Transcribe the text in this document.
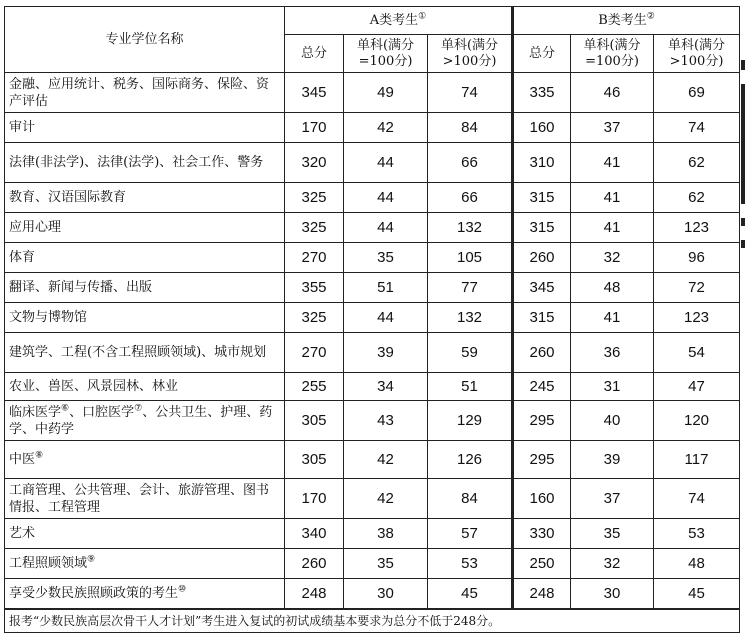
专业学位名称	A类考生①			B类考生②
	总分	单科(满分=100分)	单科(满分>100分)	总分	单科(满分=100分)	单科(满分>100分)
金融、应用统计、税务、国际商务、保险、资产评估	345	49	74	335	46	69
审计	170	42	84	160	37	74
法律(非法学)、法律(法学)、社会工作、警务	320	44	66	310	41	62
教育、汉语国际教育	325	44	66	315	41	62
应用心理	325	44	132	315	41	123
体育	270	35	105	260	32	96
翻译、新闻与传播、出版	355	51	77	345	48	72
文物与博物馆	325	44	132	315	41	123
建筑学、工程(不含工程照顾领域)、城市规划	270	39	59	260	36	54
农业、兽医、风景园林、林业	255	34	51	245	31	47
临床医学⑥、口腔医学⑦、公共卫生、护理、药学、中药学	305	43	129	295	40	120
中医⑧	305	42	126	295	39	117
工商管理、公共管理、会计、旅游管理、图书情报、工程管理	170	42	84	160	37	74
艺术	340	38	57	330	35	53
工程照顾领域⑨	260	35	53	250	32	48
享受少数民族照顾政策的考生⑩	248	30	45	248	30	45
报考“少数民族高层次骨干人才计划”考生进入复试的初试成绩基本要求为总分不低于248分。						
